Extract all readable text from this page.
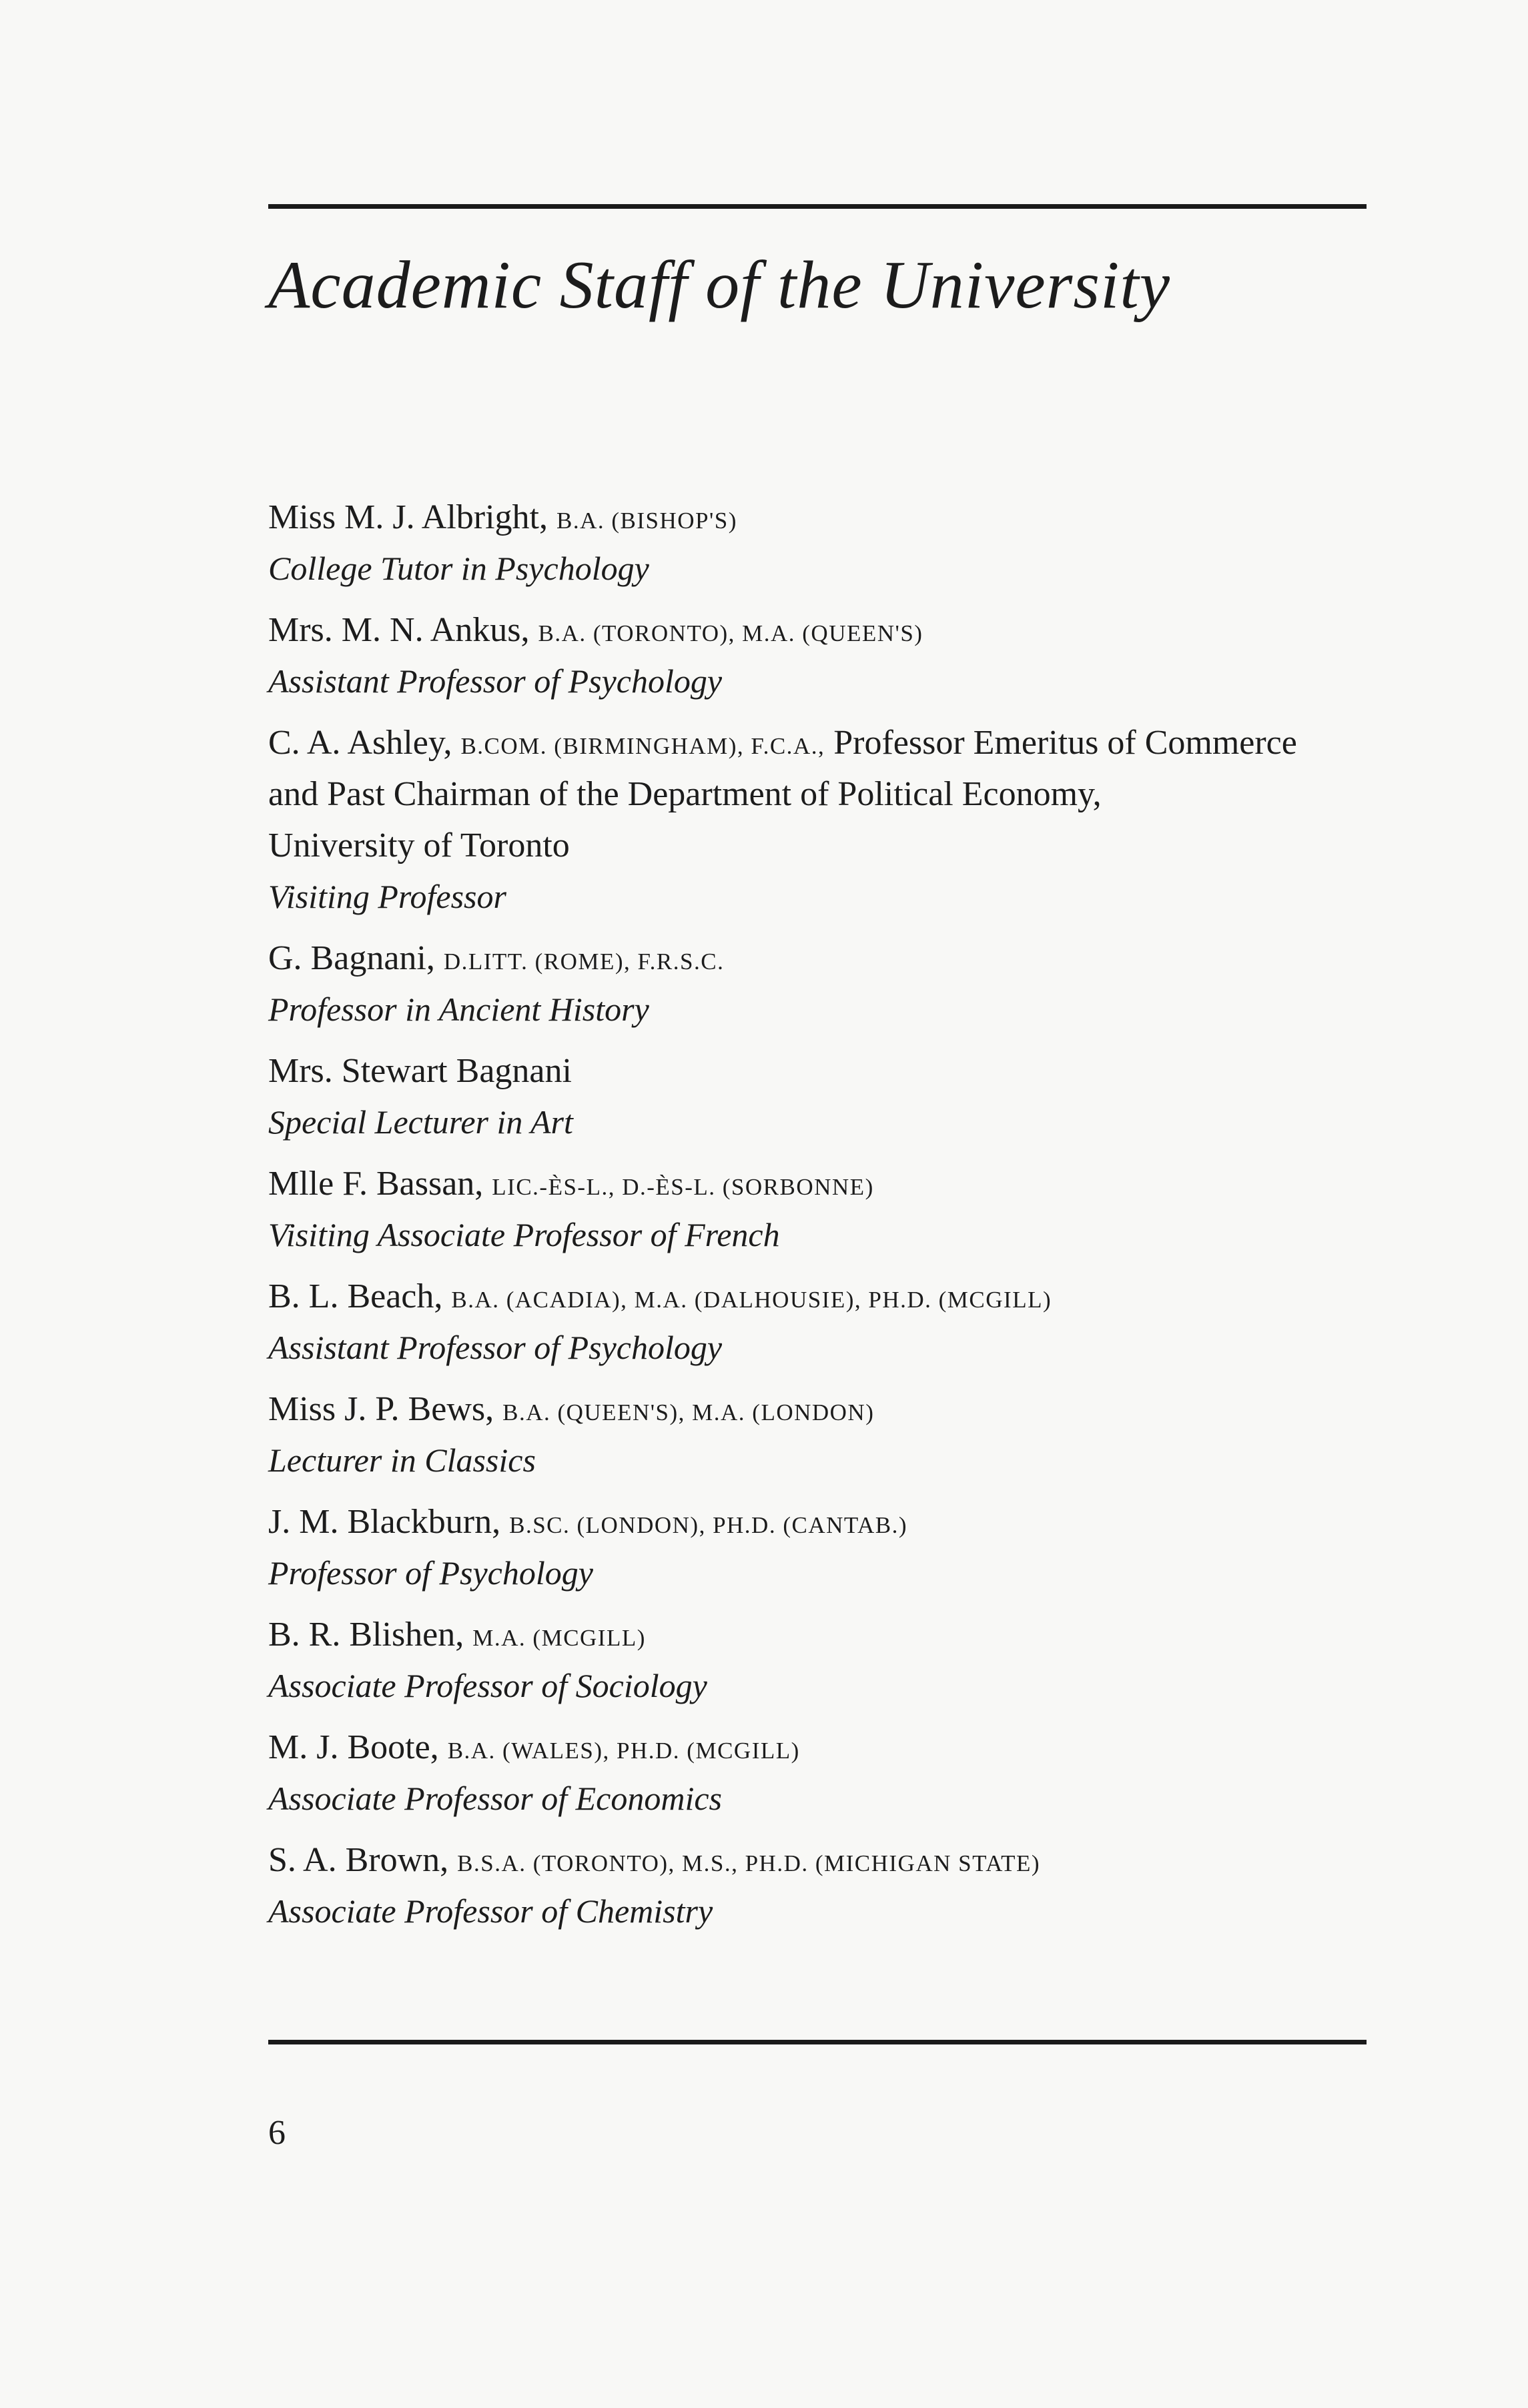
Academic Staff of the University
Miss M. J. Albright, B.A. (BISHOP'S)
College Tutor in Psychology
Mrs. M. N. Ankus, B.A. (TORONTO), M.A. (QUEEN'S)
Assistant Professor of Psychology
C. A. Ashley, B.COM. (BIRMINGHAM), F.C.A., Professor Emeritus of Commerce
and Past Chairman of the Department of Political Economy,
University of Toronto
Visiting Professor
G. Bagnani, D.LITT. (ROME), F.R.S.C.
Professor in Ancient History
Mrs. Stewart Bagnani
Special Lecturer in Art
Mlle F. Bassan, LIC.-ÈS-L., D.-ÈS-L. (SORBONNE)
Visiting Associate Professor of French
B. L. Beach, B.A. (ACADIA), M.A. (DALHOUSIE), PH.D. (MCGILL)
Assistant Professor of Psychology
Miss J. P. Bews, B.A. (QUEEN'S), M.A. (LONDON)
Lecturer in Classics
J. M. Blackburn, B.SC. (LONDON), PH.D. (CANTAB.)
Professor of Psychology
B. R. Blishen, M.A. (MCGILL)
Associate Professor of Sociology
M. J. Boote, B.A. (WALES), PH.D. (MCGILL)
Associate Professor of Economics
S. A. Brown, B.S.A. (TORONTO), M.S., PH.D. (MICHIGAN STATE)
Associate Professor of Chemistry
6
